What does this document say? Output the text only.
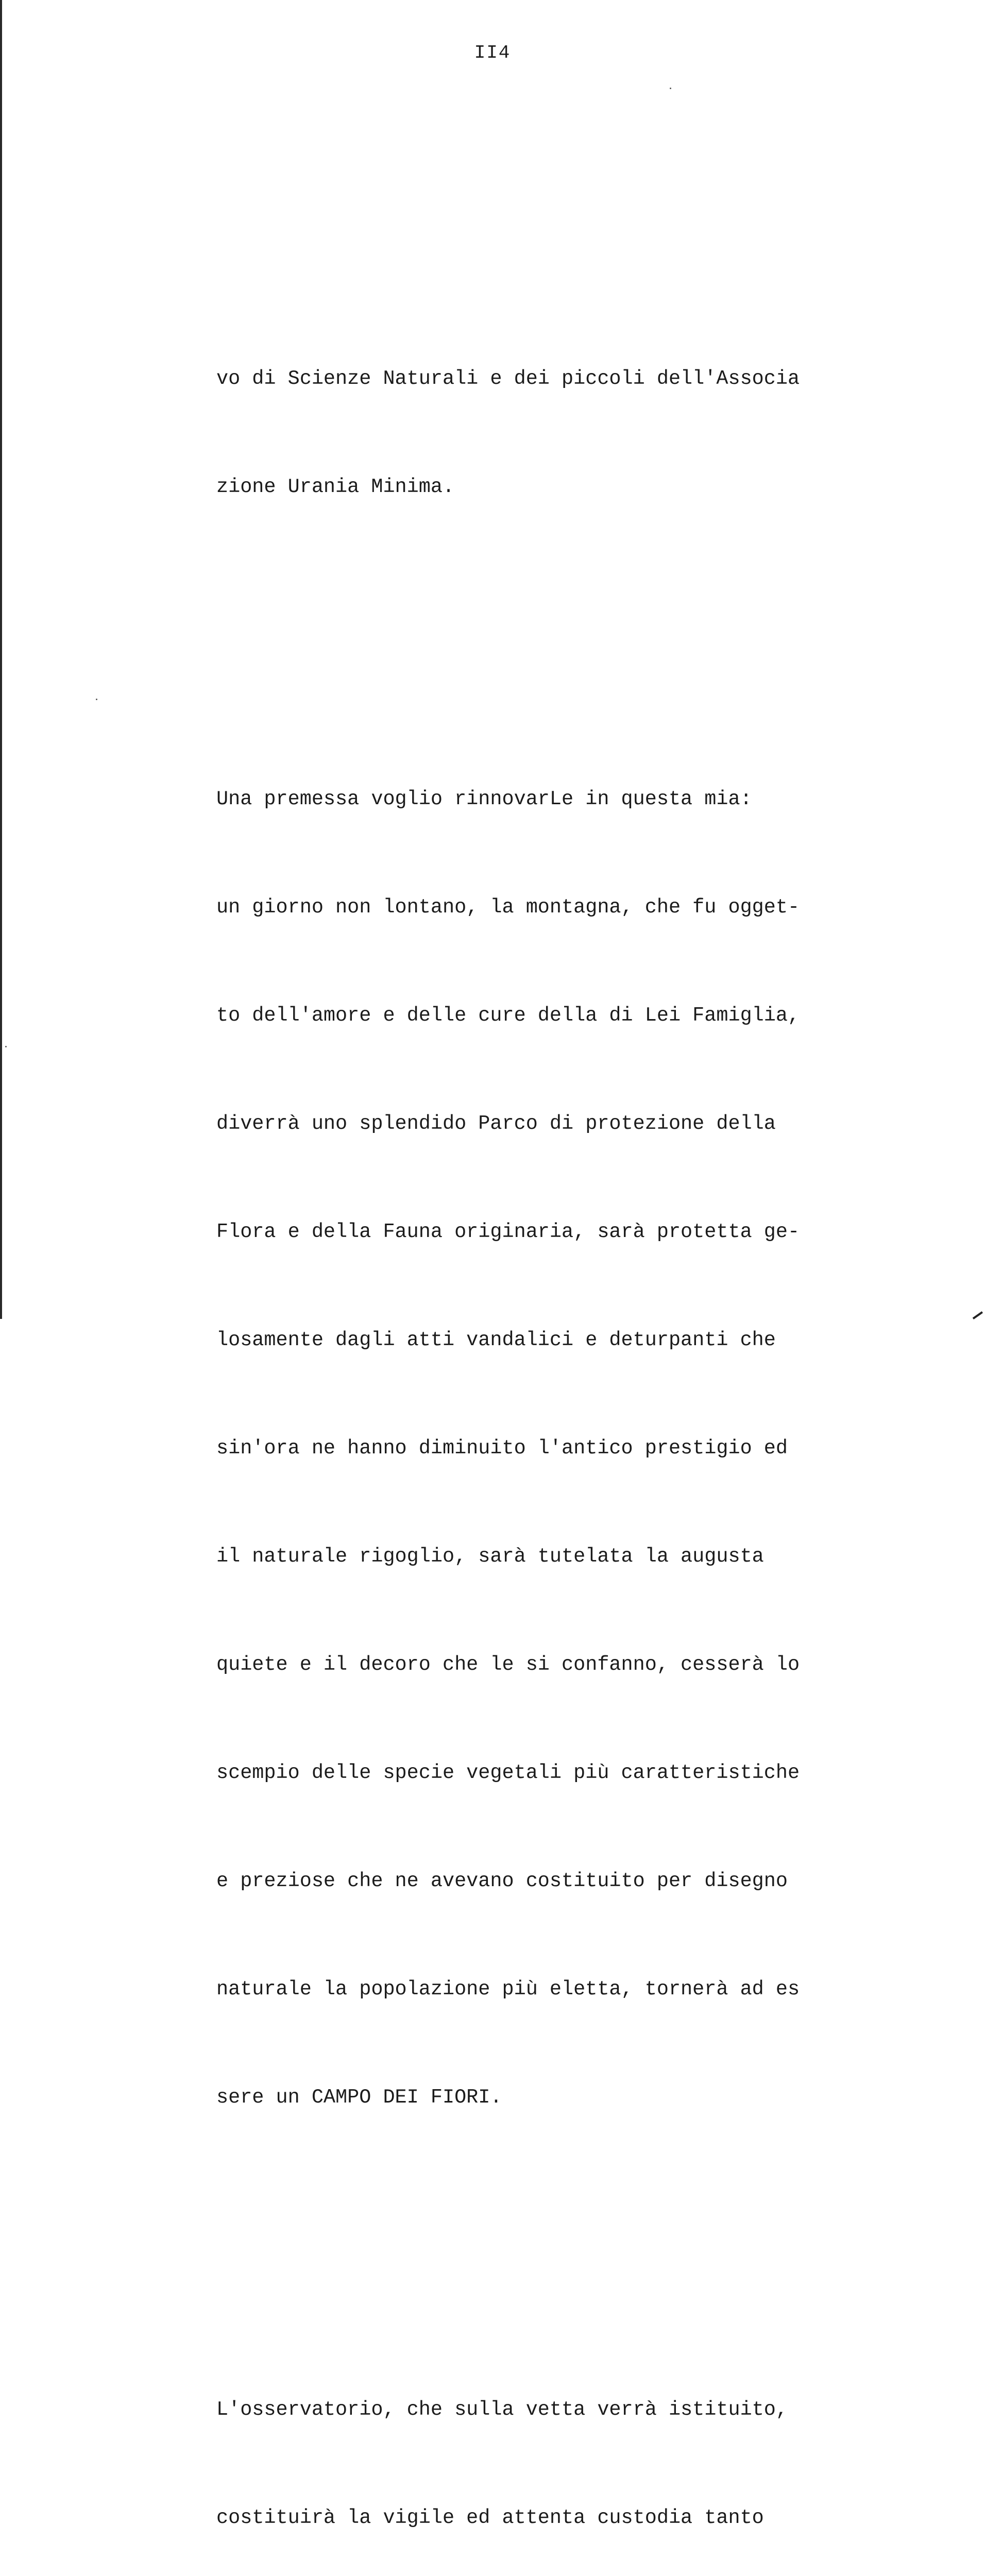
II4

vo di Scienze Naturali e dei piccoli dell'Associa

zione Urania Minima.

Una premessa voglio rinnovarLe in questa mia:

un giorno non lontano, la montagna, che fu ogget-

to dell'amore e delle cure della di Lei Famiglia,

diverrà uno splendido Parco di protezione della

Flora e della Fauna originaria, sarà protetta ge-

losamente dagli atti vandalici e deturpanti che

sin'ora ne hanno diminuito l'antico prestigio ed

il naturale rigoglio, sarà tutelata la augusta

quiete e il decoro che le si confanno, cesserà lo

scempio delle specie vegetali più caratteristiche

e preziose che ne avevano costituito per disegno

naturale la popolazione più eletta, tornerà ad es

sere un CAMPO DEI FIORI.

L'osservatorio, che sulla vetta verrà istituito,

costituirà la vigile ed attenta custodia tanto
